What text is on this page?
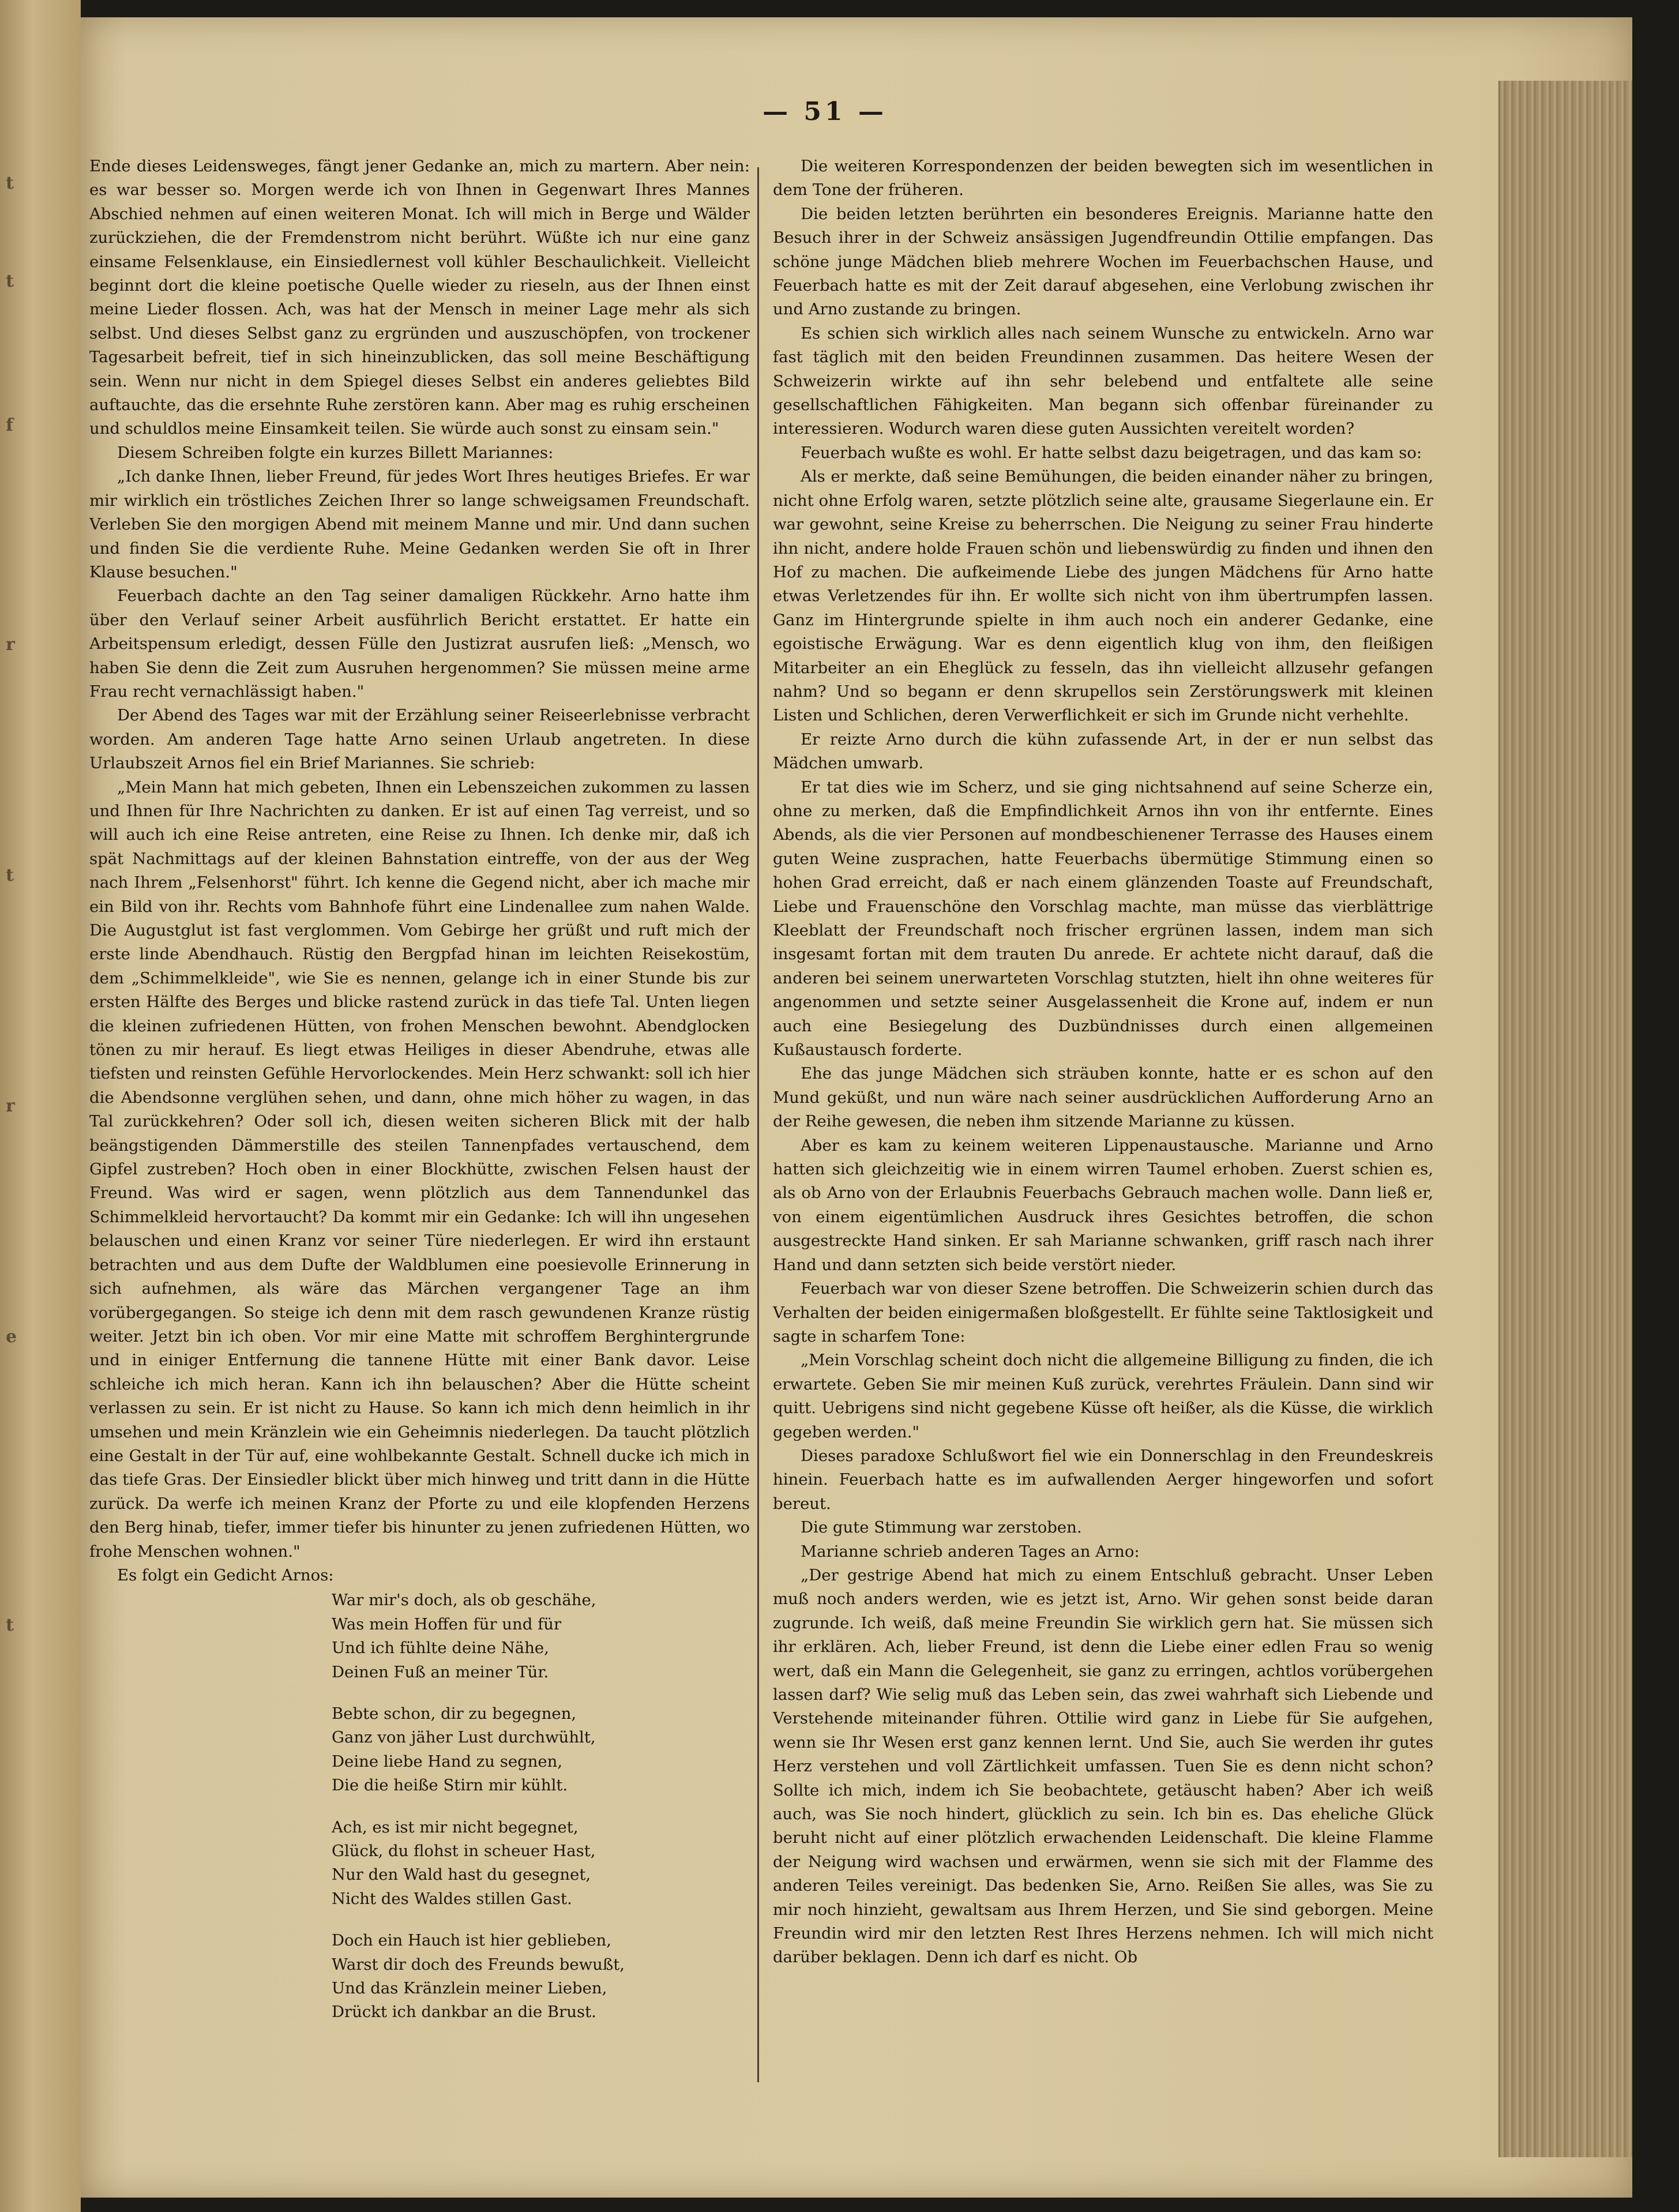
t
t
f
r
t
r
e
t
— 51 —

Ende dieses Leidensweges, fängt jener Gedanke an, mich zu martern. Aber nein: es war besser so. Morgen werde ich von Ihnen in Gegenwart Ihres Mannes Abschied nehmen auf einen weiteren Monat. Ich will mich in Berge und Wälder zurückziehen, die der Fremdenstrom nicht berührt. Wüßte ich nur eine ganz einsame Felsenklause, ein Einsiedlernest voll kühler Beschaulichkeit. Vielleicht beginnt dort die kleine poetische Quelle wieder zu rieseln, aus der Ihnen einst meine Lieder flossen. Ach, was hat der Mensch in meiner Lage mehr als sich selbst. Und dieses Selbst ganz zu ergründen und auszuschöpfen, von trockener Tagesarbeit befreit, tief in sich hineinzublicken, das soll meine Beschäftigung sein. Wenn nur nicht in dem Spiegel dieses Selbst ein anderes geliebtes Bild auftauchte, das die ersehnte Ruhe zerstören kann. Aber mag es ruhig erscheinen und schuldlos meine Einsamkeit teilen. Sie würde auch sonst zu einsam sein."

Diesem Schreiben folgte ein kurzes Billett Mariannes:

„Ich danke Ihnen, lieber Freund, für jedes Wort Ihres heutiges Briefes. Er war mir wirklich ein tröstliches Zeichen Ihrer so lange schweigsamen Freundschaft. Verleben Sie den morgigen Abend mit meinem Manne und mir. Und dann suchen und finden Sie die verdiente Ruhe. Meine Gedanken werden Sie oft in Ihrer Klause besuchen."

Feuerbach dachte an den Tag seiner damaligen Rückkehr. Arno hatte ihm über den Verlauf seiner Arbeit ausführlich Bericht erstattet. Er hatte ein Arbeitspensum erledigt, dessen Fülle den Justizrat ausrufen ließ: „Mensch, wo haben Sie denn die Zeit zum Ausruhen hergenommen? Sie müssen meine arme Frau recht vernachlässigt haben."

Der Abend des Tages war mit der Erzählung seiner Reiseerlebnisse verbracht worden. Am anderen Tage hatte Arno seinen Urlaub angetreten. In diese Urlaubszeit Arnos fiel ein Brief Mariannes. Sie schrieb:

„Mein Mann hat mich gebeten, Ihnen ein Lebenszeichen zukommen zu lassen und Ihnen für Ihre Nachrichten zu danken. Er ist auf einen Tag verreist, und so will auch ich eine Reise antreten, eine Reise zu Ihnen. Ich denke mir, daß ich spät Nachmittags auf der kleinen Bahnstation eintreffe, von der aus der Weg nach Ihrem „Felsenhorst" führt. Ich kenne die Gegend nicht, aber ich mache mir ein Bild von ihr. Rechts vom Bahnhofe führt eine Lindenallee zum nahen Walde. Die Augustglut ist fast verglommen. Vom Gebirge her grüßt und ruft mich der erste linde Abendhauch. Rüstig den Bergpfad hinan im leichten Reisekostüm, dem „Schimmelkleide", wie Sie es nennen, gelange ich in einer Stunde bis zur ersten Hälfte des Berges und blicke rastend zurück in das tiefe Tal. Unten liegen die kleinen zufriedenen Hütten, von frohen Menschen bewohnt. Abendglocken tönen zu mir herauf. Es liegt etwas Heiliges in dieser Abendruhe, etwas alle tiefsten und reinsten Gefühle Hervorlockendes. Mein Herz schwankt: soll ich hier die Abendsonne verglühen sehen, und dann, ohne mich höher zu wagen, in das Tal zurückkehren? Oder soll ich, diesen weiten sicheren Blick mit der halb beängstigenden Dämmerstille des steilen Tannenpfades vertauschend, dem Gipfel zustreben? Hoch oben in einer Blockhütte, zwischen Felsen haust der Freund. Was wird er sagen, wenn plötzlich aus dem Tannendunkel das Schimmelkleid hervortaucht? Da kommt mir ein Gedanke: Ich will ihn ungesehen belauschen und einen Kranz vor seiner Türe niederlegen. Er wird ihn erstaunt betrachten und aus dem Dufte der Waldblumen eine poesievolle Erinnerung in sich aufnehmen, als wäre das Märchen vergangener Tage an ihm vorübergegangen. So steige ich denn mit dem rasch gewundenen Kranze rüstig weiter. Jetzt bin ich oben. Vor mir eine Matte mit schroffem Berghintergrunde und in einiger Entfernung die tannene Hütte mit einer Bank davor. Leise schleiche ich mich heran. Kann ich ihn belauschen? Aber die Hütte scheint verlassen zu sein. Er ist nicht zu Hause. So kann ich mich denn heimlich in ihr umsehen und mein Kränzlein wie ein Geheimnis niederlegen. Da taucht plötzlich eine Gestalt in der Tür auf, eine wohlbekannte Gestalt. Schnell ducke ich mich in das tiefe Gras. Der Einsiedler blickt über mich hinweg und tritt dann in die Hütte zurück. Da werfe ich meinen Kranz der Pforte zu und eile klopfenden Herzens den Berg hinab, tiefer, immer tiefer bis hinunter zu jenen zufriedenen Hütten, wo frohe Menschen wohnen."

Es folgt ein Gedicht Arnos:

War mir's doch, als ob geschähe,
Was mein Hoffen für und für
Und ich fühlte deine Nähe,
Deinen Fuß an meiner Tür.
Bebte schon, dir zu begegnen,
Ganz von jäher Lust durchwühlt,
Deine liebe Hand zu segnen,
Die die heiße Stirn mir kühlt.
Ach, es ist mir nicht begegnet,
Glück, du flohst in scheuer Hast,
Nur den Wald hast du gesegnet,
Nicht des Waldes stillen Gast.
Doch ein Hauch ist hier geblieben,
Warst dir doch des Freunds bewußt,
Und das Kränzlein meiner Lieben,
Drückt ich dankbar an die Brust.

Die weiteren Korrespondenzen der beiden bewegten sich im wesentlichen in dem Tone der früheren.

Die beiden letzten berührten ein besonderes Ereignis. Marianne hatte den Besuch ihrer in der Schweiz ansässigen Jugendfreundin Ottilie empfangen. Das schöne junge Mädchen blieb mehrere Wochen im Feuerbachschen Hause, und Feuerbach hatte es mit der Zeit darauf abgesehen, eine Verlobung zwischen ihr und Arno zustande zu bringen.

Es schien sich wirklich alles nach seinem Wunsche zu entwickeln. Arno war fast täglich mit den beiden Freundinnen zusammen. Das heitere Wesen der Schweizerin wirkte auf ihn sehr belebend und entfaltete alle seine gesellschaftlichen Fähigkeiten. Man begann sich offenbar füreinander zu interessieren. Wodurch waren diese guten Aussichten vereitelt worden?

Feuerbach wußte es wohl. Er hatte selbst dazu beigetragen, und das kam so:

Als er merkte, daß seine Bemühungen, die beiden einander näher zu bringen, nicht ohne Erfolg waren, setzte plötzlich seine alte, grausame Siegerlaune ein. Er war gewohnt, seine Kreise zu beherrschen. Die Neigung zu seiner Frau hinderte ihn nicht, andere holde Frauen schön und liebenswürdig zu finden und ihnen den Hof zu machen. Die aufkeimende Liebe des jungen Mädchens für Arno hatte etwas Verletzendes für ihn. Er wollte sich nicht von ihm übertrumpfen lassen. Ganz im Hintergrunde spielte in ihm auch noch ein anderer Gedanke, eine egoistische Erwägung. War es denn eigentlich klug von ihm, den fleißigen Mitarbeiter an ein Eheglück zu fesseln, das ihn vielleicht allzusehr gefangen nahm? Und so begann er denn skrupellos sein Zerstörungswerk mit kleinen Listen und Schlichen, deren Verwerflichkeit er sich im Grunde nicht verhehlte.

Er reizte Arno durch die kühn zufassende Art, in der er nun selbst das Mädchen umwarb.

Er tat dies wie im Scherz, und sie ging nichtsahnend auf seine Scherze ein, ohne zu merken, daß die Empfindlichkeit Arnos ihn von ihr entfernte. Eines Abends, als die vier Personen auf mondbeschienener Terrasse des Hauses einem guten Weine zusprachen, hatte Feuerbachs übermütige Stimmung einen so hohen Grad erreicht, daß er nach einem glänzenden Toaste auf Freundschaft, Liebe und Frauenschöne den Vorschlag machte, man müsse das vierblättrige Kleeblatt der Freundschaft noch frischer ergrünen lassen, indem man sich insgesamt fortan mit dem trauten Du anrede. Er achtete nicht darauf, daß die anderen bei seinem unerwarteten Vorschlag stutzten, hielt ihn ohne weiteres für angenommen und setzte seiner Ausgelassenheit die Krone auf, indem er nun auch eine Besiegelung des Duzbündnisses durch einen allgemeinen Kußaustausch forderte.

Ehe das junge Mädchen sich sträuben konnte, hatte er es schon auf den Mund geküßt, und nun wäre nach seiner ausdrücklichen Aufforderung Arno an der Reihe gewesen, die neben ihm sitzende Marianne zu küssen.

Aber es kam zu keinem weiteren Lippenaustausche. Marianne und Arno hatten sich gleichzeitig wie in einem wirren Taumel erhoben. Zuerst schien es, als ob Arno von der Erlaubnis Feuerbachs Gebrauch machen wolle. Dann ließ er, von einem eigentümlichen Ausdruck ihres Gesichtes betroffen, die schon ausgestreckte Hand sinken. Er sah Marianne schwanken, griff rasch nach ihrer Hand und dann setzten sich beide verstört nieder.

Feuerbach war von dieser Szene betroffen. Die Schweizerin schien durch das Verhalten der beiden einigermaßen bloßgestellt. Er fühlte seine Taktlosigkeit und sagte in scharfem Tone:

„Mein Vorschlag scheint doch nicht die allgemeine Billigung zu finden, die ich erwartete. Geben Sie mir meinen Kuß zurück, verehrtes Fräulein. Dann sind wir quitt. Uebrigens sind nicht gegebene Küsse oft heißer, als die Küsse, die wirklich gegeben werden."

Dieses paradoxe Schlußwort fiel wie ein Donnerschlag in den Freundeskreis hinein. Feuerbach hatte es im aufwallenden Aerger hingeworfen und sofort bereut.

Die gute Stimmung war zerstoben.

Marianne schrieb anderen Tages an Arno:

„Der gestrige Abend hat mich zu einem Entschluß gebracht. Unser Leben muß noch anders werden, wie es jetzt ist, Arno. Wir gehen sonst beide daran zugrunde. Ich weiß, daß meine Freundin Sie wirklich gern hat. Sie müssen sich ihr erklären. Ach, lieber Freund, ist denn die Liebe einer edlen Frau so wenig wert, daß ein Mann die Gelegenheit, sie ganz zu erringen, achtlos vorübergehen lassen darf? Wie selig muß das Leben sein, das zwei wahrhaft sich Liebende und Verstehende miteinander führen. Ottilie wird ganz in Liebe für Sie aufgehen, wenn sie Ihr Wesen erst ganz kennen lernt. Und Sie, auch Sie werden ihr gutes Herz verstehen und voll Zärtlichkeit umfassen. Tuen Sie es denn nicht schon? Sollte ich mich, indem ich Sie beobachtete, getäuscht haben? Aber ich weiß auch, was Sie noch hindert, glücklich zu sein. Ich bin es. Das eheliche Glück beruht nicht auf einer plötzlich erwachenden Leidenschaft. Die kleine Flamme der Neigung wird wachsen und erwärmen, wenn sie sich mit der Flamme des anderen Teiles vereinigt. Das bedenken Sie, Arno. Reißen Sie alles, was Sie zu mir noch hinzieht, gewaltsam aus Ihrem Herzen, und Sie sind geborgen. Meine Freundin wird mir den letzten Rest Ihres Herzens nehmen. Ich will mich nicht darüber beklagen. Denn ich darf es nicht. Ob
